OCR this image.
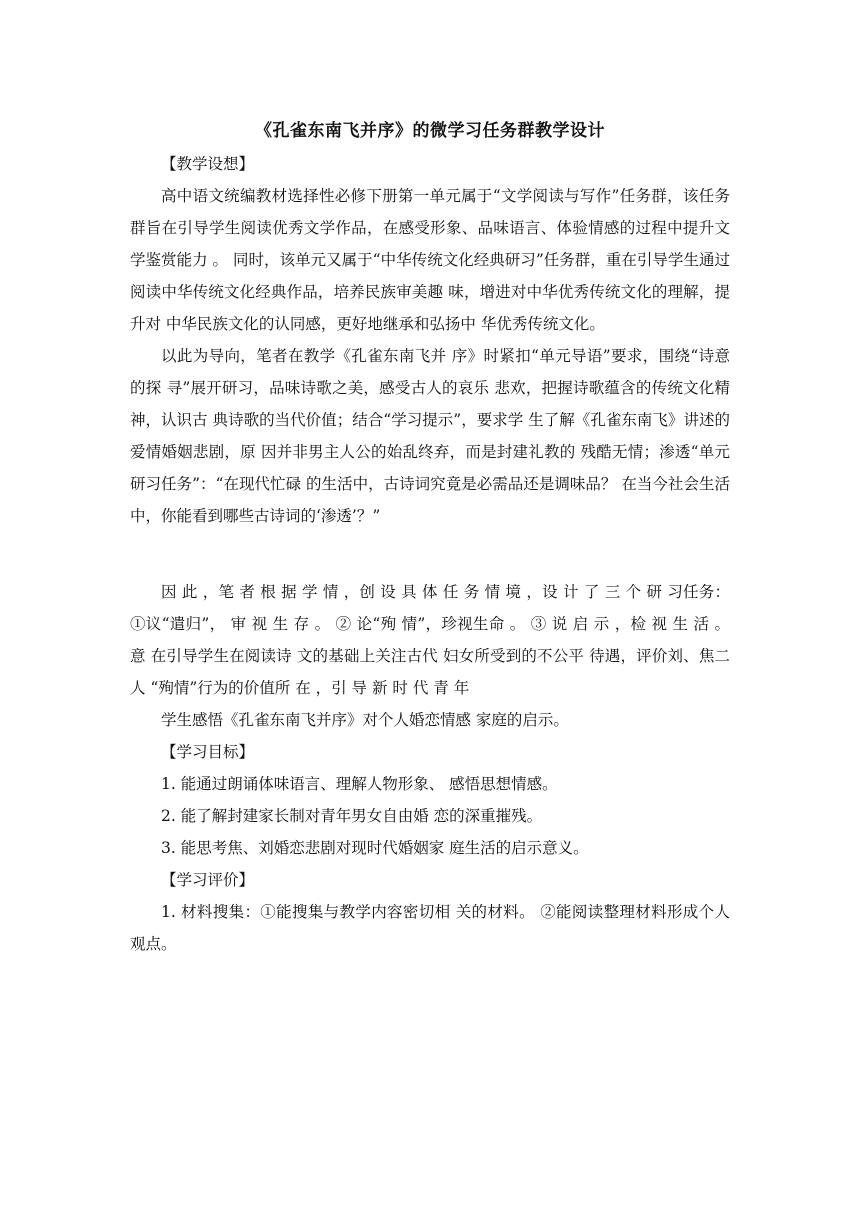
《孔雀东南飞并序》的微学习任务群教学设计

【教学设想】

高中语文统编教材选择性必修下册第一单元属于“文学阅读与写作”任务群，该任务群旨在引导学生阅读优秀文学作品，在感受形象、品味语言、体验情感的过程中提升文学鉴赏能力 。 同时，该单元又属于“中华传统文化经典研习”任务群，重在引导学生通过阅读中华传统文化经典作品，培养民族审美趣 味，增进对中华优秀传统文化的理解，提升对 中华民族文化的认同感，更好地继承和弘扬中 华优秀传统文化。

以此为导向，笔者在教学《孔雀东南飞并 序》时紧扣“单元导语”要求，围绕“诗意的探 寻”展开研习，品味诗歌之美，感受古人的哀乐 悲欢，把握诗歌蕴含的传统文化精神，认识古 典诗歌的当代价值；结合“学习提示”，要求学 生了解《孔雀东南飞》讲述的爱情婚姻悲剧，原 因并非男主人公的始乱终弃，而是封建礼教的 残酷无情；渗透“单元研习任务”：“在现代忙碌 的生活中，古诗词究竟是必需品还是调味品？ 在当今社会生活中，你能看到哪些古诗词的‘渗透’？”

因 此 ，笔 者 根 据 学 情 ，创 设 具 体 任 务 情 境 ，设 计 了 三 个 研 习任务：①议“遣归”， 审 视 生 存 。 ② 论“殉 情”，珍视生命 。 ③ 说 启 示 ，检 视 生 活 。 意 在引导学生在阅读诗 文的基础上关注古代 妇女所受到的不公平 待遇，评价刘、焦二人 “殉情”行为的价值所 在 ，引 导 新 时 代 青 年

学生感悟《孔雀东南飞并序》对个人婚恋情感 家庭的启示。

【学习目标】

1. 能通过朗诵体味语言、理解人物形象、 感悟思想情感。

2. 能了解封建家长制对青年男女自由婚 恋的深重摧残。

3. 能思考焦、刘婚恋悲剧对现时代婚姻家 庭生活的启示意义。

【学习评价】

1. 材料搜集：①能搜集与教学内容密切相 关的材料。 ②能阅读整理材料形成个人观点。
